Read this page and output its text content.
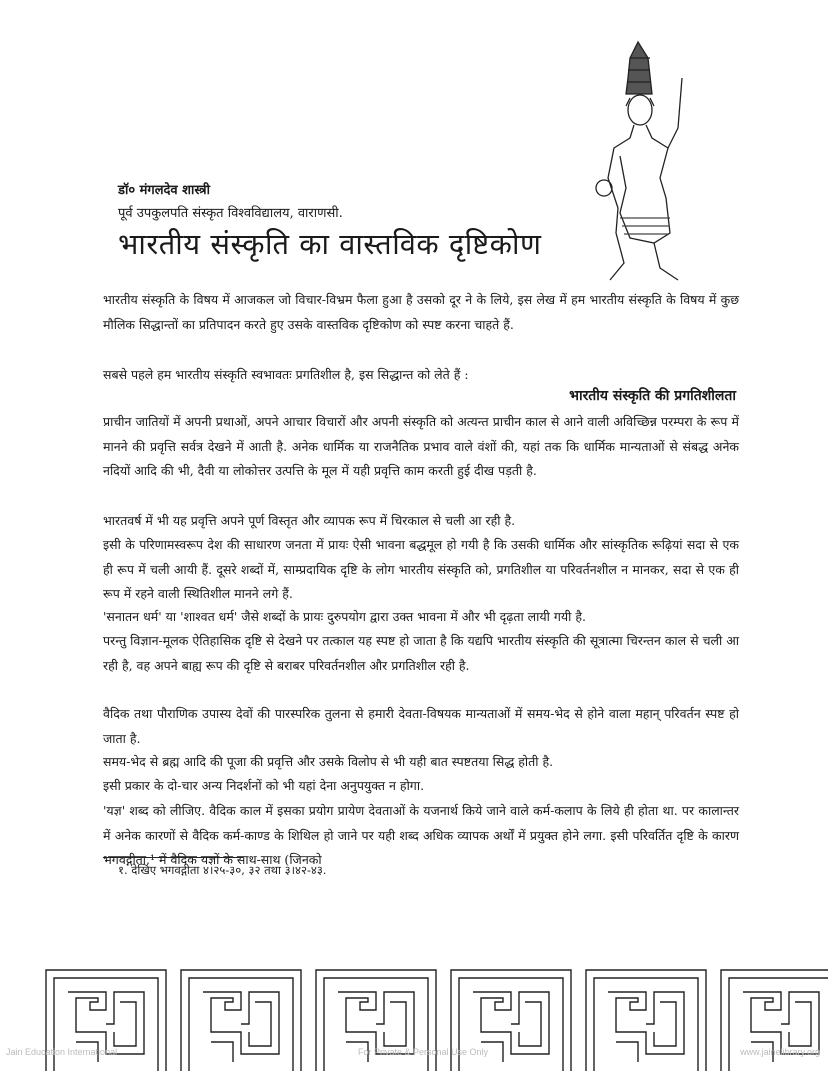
डॉ० मंगलदेव शास्त्री
पूर्व उपकुलपति संस्कृत विश्वविद्यालय, वाराणसी.
भारतीय संस्कृति का वास्तविक दृष्टिकोण
भारतीय संस्कृति के विषय में आजकल जो विचार-विभ्रम फैला हुआ है उसको दूर ने के लिये, इस लेख में हम भारतीय संस्कृति के विषय में कुछ मौलिक सिद्धान्तों का प्रतिपादन करते हुए उसके वास्तविक दृष्टिकोण को स्पष्ट करना चाहते हैं.
सबसे पहले हम भारतीय संस्कृति स्वभावतः प्रगतिशील है, इस सिद्धान्त को लेते हैं :
भारतीय संस्कृति की प्रगतिशीलता
प्राचीन जातियों में अपनी प्रथाओं, अपने आचार विचारों और अपनी संस्कृति को अत्यन्त प्राचीन काल से आने वाली अविच्छिन्न परम्परा के रूप में मानने की प्रवृत्ति सर्वत्र देखने में आती है. अनेक धार्मिक या राजनैतिक प्रभाव वाले वंशों की, यहां तक कि धार्मिक मान्यताओं से संबद्ध अनेक नदियों आदि की भी, दैवी या लोकोत्तर उत्पत्ति के मूल में यही प्रवृत्ति काम करती हुई दीख पड़ती है.
भारतवर्ष में भी यह प्रवृत्ति अपने पूर्ण विस्तृत और व्यापक रूप में चिरकाल से चली आ रही है.
इसी के परिणामस्वरूप देश की साधारण जनता में प्रायः ऐसी भावना बद्धमूल हो गयी है कि उसकी धार्मिक और सांस्कृतिक रूढ़ियां सदा से एक ही रूप में चली आयी हैं. दूसरे शब्दों में, साम्प्रदायिक दृष्टि के लोग भारतीय संस्कृति को, प्रगतिशील या परिवर्तनशील न मानकर, सदा से एक ही रूप में रहने वाली स्थितिशील मानने लगे हैं.
'सनातन धर्म' या 'शाश्वत धर्म' जैसे शब्दों के प्रायः दुरुपयोग द्वारा उक्त भावना में और भी दृढ़ता लायी गयी है.
परन्तु विज्ञान-मूलक ऐतिहासिक दृष्टि से देखने पर तत्काल यह स्पष्ट हो जाता है कि यद्यपि भारतीय संस्कृति की सूत्रात्मा चिरन्तन काल से चली आ रही है, वह अपने बाह्य रूप की दृष्टि से बराबर परिवर्तनशील और प्रगतिशील रही है.
वैदिक तथा पौराणिक उपास्य देवों की पारस्परिक तुलना से हमारी देवता-विषयक मान्यताओं में समय-भेद से होने वाला महान् परिवर्तन स्पष्ट हो जाता है.
समय-भेद से ब्रह्म आदि की पूजा की प्रवृत्ति और उसके विलोप से भी यही बात स्पष्टतया सिद्ध होती है.
इसी प्रकार के दो-चार अन्य निदर्शनों को भी यहां देना अनुपयुक्त न होगा.
'यज्ञ' शब्द को लीजिए. वैदिक काल में इसका प्रयोग प्रायेण देवताओं के यजनार्थ किये जाने वाले कर्म-कलाप के लिये ही होता था. पर कालान्तर में अनेक कारणों से वैदिक कर्म-काण्ड के शिथिल हो जाने पर यही शब्द अधिक व्यापक अर्थों में प्रयुक्त होने लगा. इसी परिवर्तित दृष्टि के कारण भगवद्गीता,¹ में वैदिक यज्ञों के साथ-साथ (जिनको
१. देखिए भगवद्गीता ४।२५-३०, ३२ तथा ३।४२-४३.
Jain Education International	For Private & Personal Use Only	www.jainelibrary.org
